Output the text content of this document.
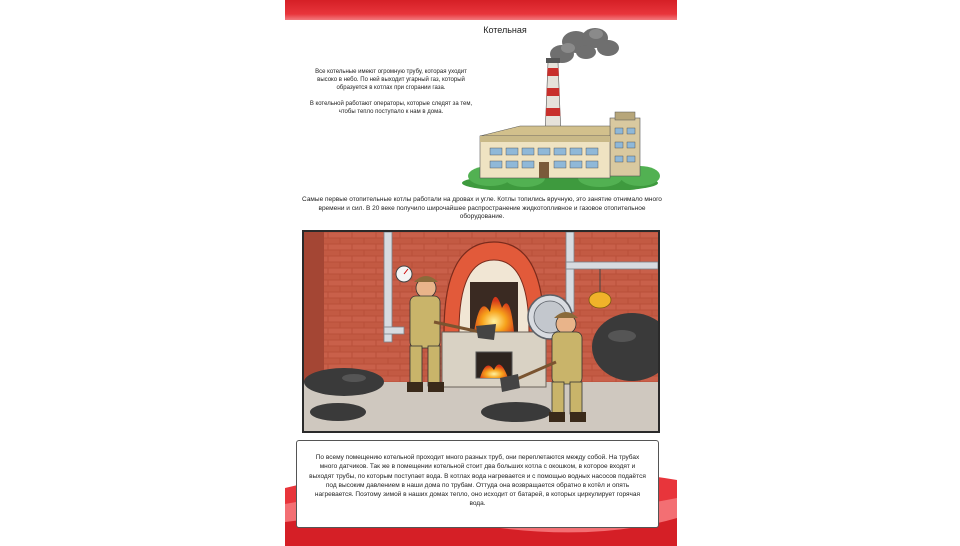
Котельная

Все котельные имеют огромную трубу, которая уходит высоко в небо. По ней выходит угарный газ, который образуется в котлах при сгорании газа.

В котельной работают операторы, которые следят за тем, чтобы тепло поступало к нам в дома.

Самые первые отопительные котлы работали на дровах и угле. Котлы топились вручную, это занятие отнимало много времени и сил. В 20 веке получило широчайшее распространение жидкотопливное и газовое отопительное оборудование.
По всему помещению котельной проходит много разных труб, они переплетаются между собой. На трубах много датчиков. Так же в помещении котельной стоит два больших котла с окошком, в которое входят и выходят трубы, по которым поступает вода. В котлах вода нагревается и с помощью водных насосов подаётся под высоким давлением в наши дома по трубам. Оттуда она возвращается обратно в котёл и опять нагревается. Поэтому зимой в наших домах тепло, оно исходит от батарей, в которых циркулирует горячая вода.
